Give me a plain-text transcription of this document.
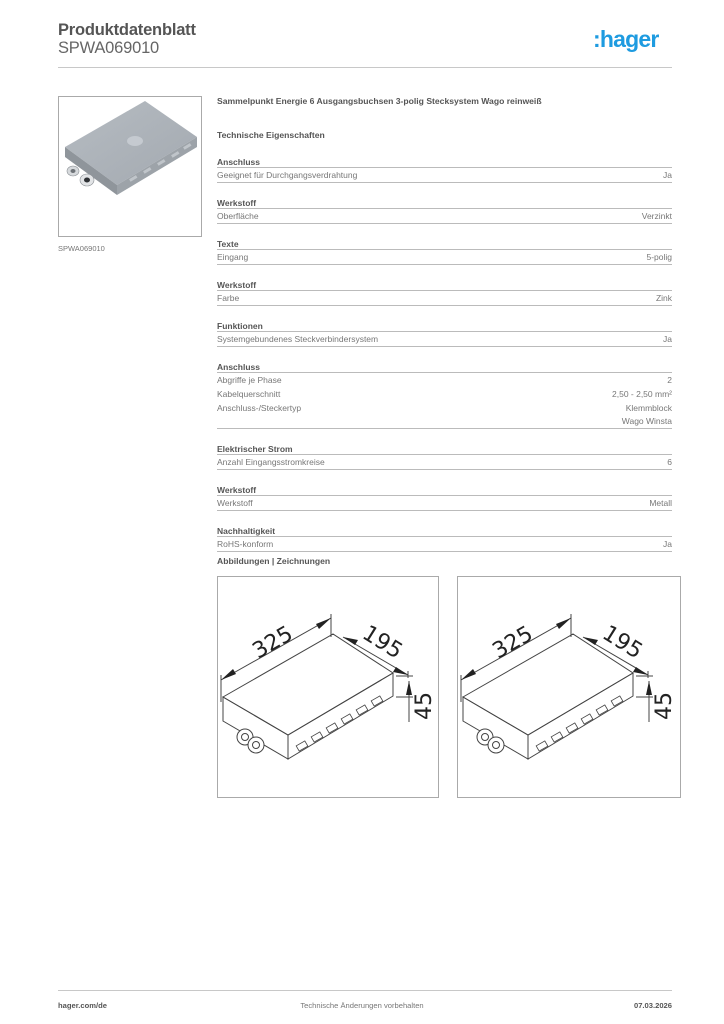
Produktdatenblatt
SPWA069010	:hager
SPWA069010
Sammelpunkt Energie 6 Ausgangsbuchsen 3-polig Stecksystem Wago reinweiß
Technische Eigenschaften
Anschluss
Geeignet für Durchgangsverdrahtung	Ja
Werkstoff
Oberfläche	Verzinkt
Texte
Eingang	5-polig
Werkstoff
Farbe	Zink
Funktionen
Systemgebundenes Steckverbindersystem	Ja
Anschluss
Abgriffe je Phase	2
Kabelquerschnitt	2,50 - 2,50 mm²
Anschluss-/Steckertyp	Klemmblock
Wago Winsta
Elektrischer Strom
Anzahl Eingangsstromkreise	6
Werkstoff
Werkstoff	Metall
Nachhaltigkeit
RoHS-konform	Ja
Abbildungen | Zeichnungen
325	195
45
325	195
45
hager.com/de	Technische Änderungen vorbehalten	07.03.2026
